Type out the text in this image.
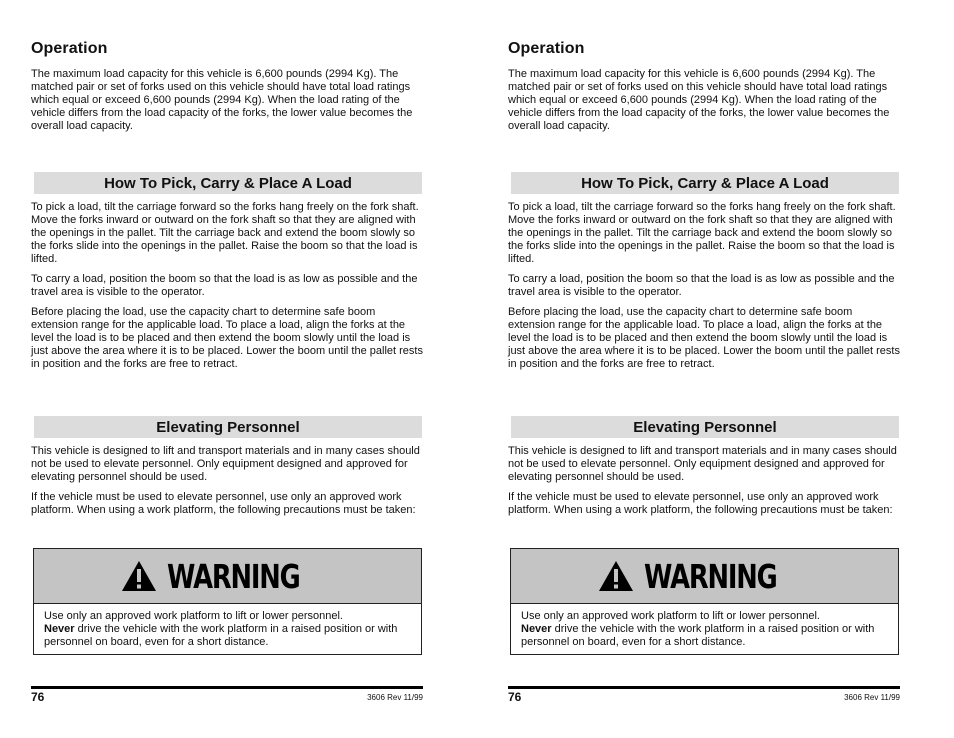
Operation

The maximum load capacity for this vehicle is 6,600 pounds (2994 Kg). The matched pair or set of forks used on this vehicle should have total load ratings which equal or exceed 6,600 pounds (2994 Kg). When the load rating of the vehicle differs from the load capacity of the forks, the lower value becomes the overall load capacity.

How To Pick, Carry & Place A Load

To pick a load, tilt the carriage forward so the forks hang freely on the fork shaft. Move the forks inward or outward on the fork shaft so that they are aligned with the openings in the pallet. Tilt the carriage back and extend the boom slowly so the forks slide into the openings in the pallet. Raise the boom so that the load is lifted.

To carry a load, position the boom so that the load is as low as possible and the travel area is visible to the operator.

Before placing the load, use the capacity chart to determine safe boom extension range for the applicable load. To place a load, align the forks at the level the load is to be placed and then extend the boom slowly until the load is just above the area where it is to be placed. Lower the boom until the pallet rests in position and the forks are free to retract.

Elevating Personnel

This vehicle is designed to lift and transport materials and in many cases should not be used to elevate personnel. Only equipment designed and approved for elevating personnel should be used.

If the vehicle must be used to elevate personnel, use only an approved work platform. When using a work platform, the following precautions must be taken:

WARNING
Use only an approved work platform to lift or lower personnel.
Never drive the vehicle with the work platform in a raised position or with personnel on board, even for a short distance.
76	3606 Rev 11/99
Operation

The maximum load capacity for this vehicle is 6,600 pounds (2994 Kg). The matched pair or set of forks used on this vehicle should have total load ratings which equal or exceed 6,600 pounds (2994 Kg). When the load rating of the vehicle differs from the load capacity of the forks, the lower value becomes the overall load capacity.

How To Pick, Carry & Place A Load

To pick a load, tilt the carriage forward so the forks hang freely on the fork shaft. Move the forks inward or outward on the fork shaft so that they are aligned with the openings in the pallet. Tilt the carriage back and extend the boom slowly so the forks slide into the openings in the pallet. Raise the boom so that the load is lifted.

To carry a load, position the boom so that the load is as low as possible and the travel area is visible to the operator.

Before placing the load, use the capacity chart to determine safe boom extension range for the applicable load. To place a load, align the forks at the level the load is to be placed and then extend the boom slowly until the load is just above the area where it is to be placed. Lower the boom until the pallet rests in position and the forks are free to retract.

Elevating Personnel

This vehicle is designed to lift and transport materials and in many cases should not be used to elevate personnel. Only equipment designed and approved for elevating personnel should be used.

If the vehicle must be used to elevate personnel, use only an approved work platform. When using a work platform, the following precautions must be taken:

WARNING
Use only an approved work platform to lift or lower personnel.
Never drive the vehicle with the work platform in a raised position or with personnel on board, even for a short distance.
76	3606 Rev 11/99
